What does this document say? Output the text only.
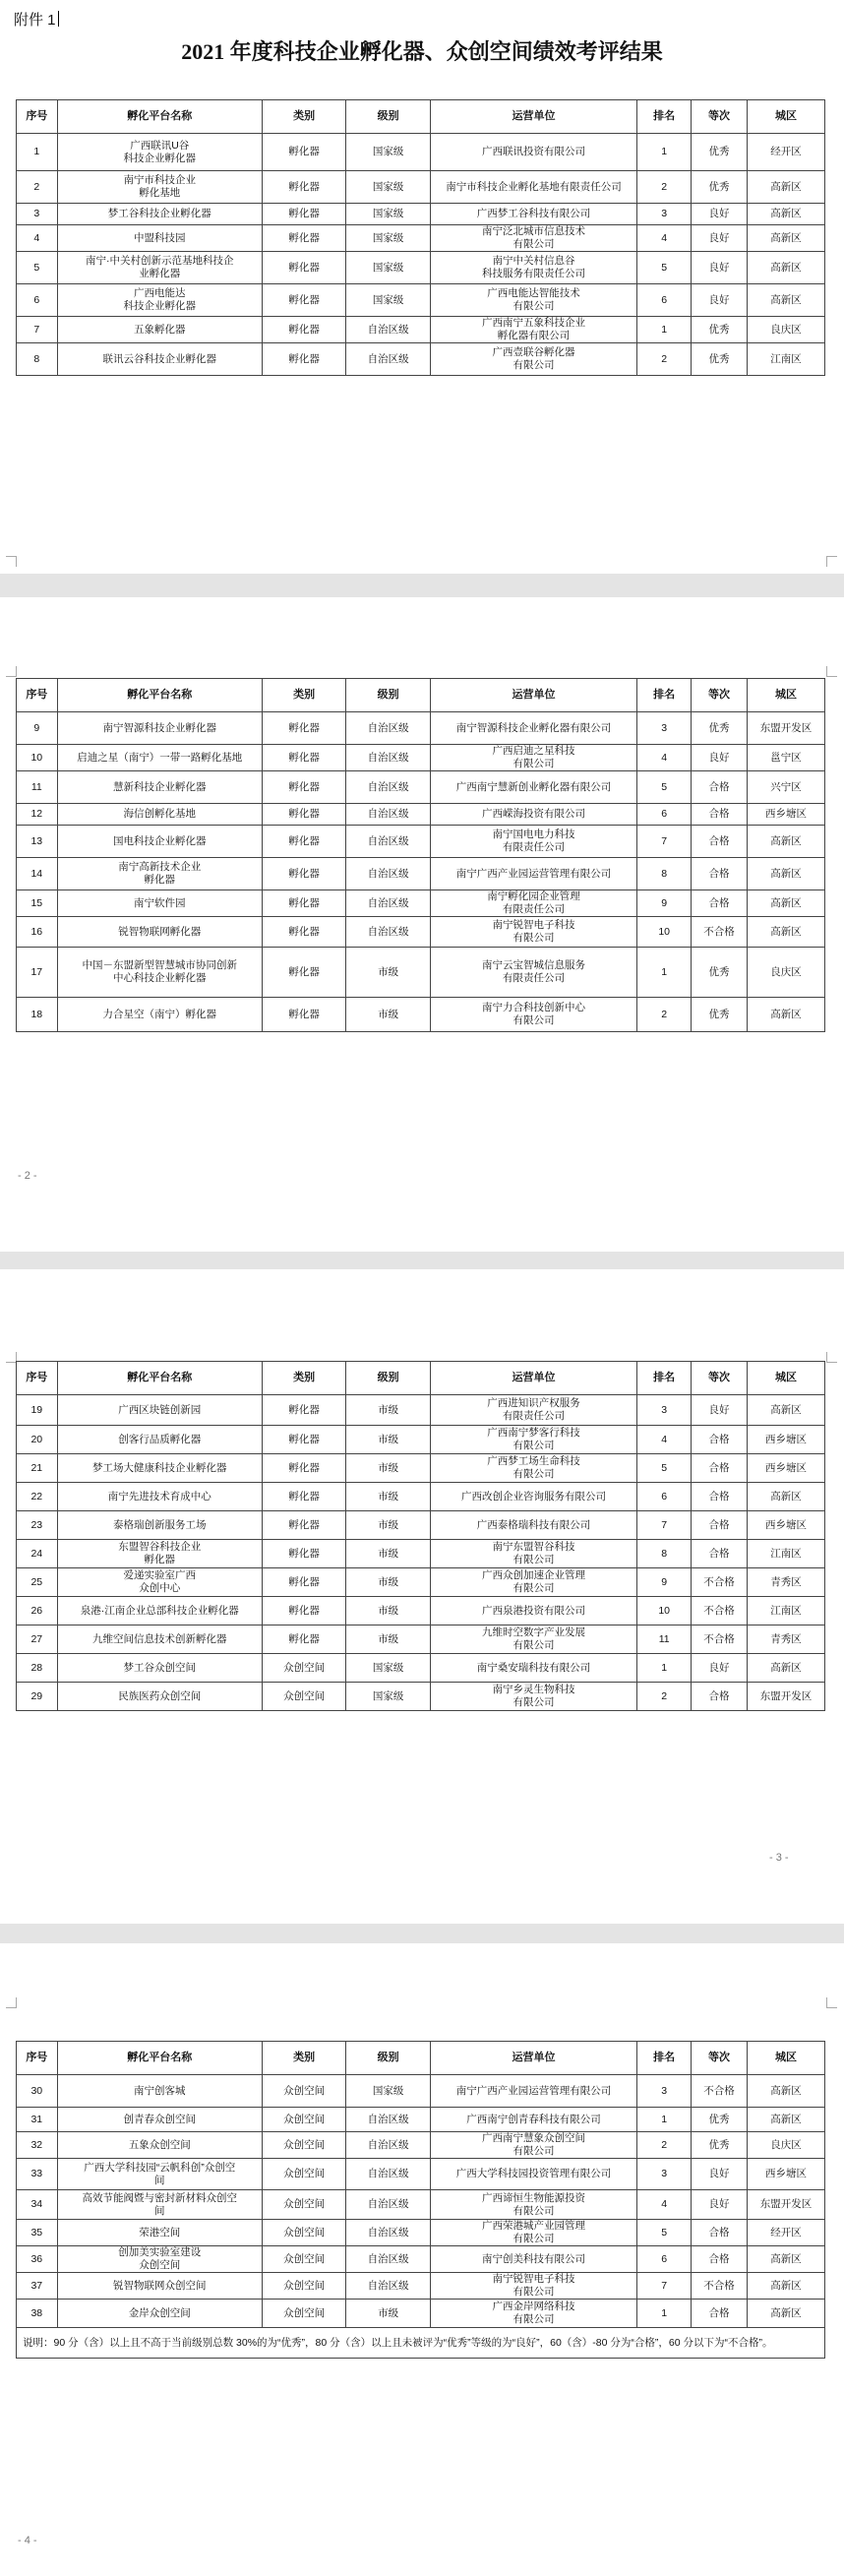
附件 1
2021 年度科技企业孵化器、众创空间绩效考评结果
序号	孵化平台名称	类别	级别	运营单位	排名	等次	城区
1	广西联讯U谷
科技企业孵化器	孵化器	国家级	广西联讯投资有限公司	1	优秀	经开区
2	南宁市科技企业
孵化基地	孵化器	国家级	南宁市科技企业孵化基地有限责任公司	2	优秀	高新区
3	梦工谷科技企业孵化器	孵化器	国家级	广西梦工谷科技有限公司	3	良好	高新区
4	中盟科技园	孵化器	国家级	南宁泛北城市信息技术
有限公司	4	良好	高新区
5	南宁·中关村创新示范基地科技企
业孵化器	孵化器	国家级	南宁中关村信息谷
科技服务有限责任公司	5	良好	高新区
6	广西电能达
科技企业孵化器	孵化器	国家级	广西电能达智能技术
有限公司	6	良好	高新区
7	五象孵化器	孵化器	自治区级	广西南宁五象科技企业
孵化器有限公司	1	优秀	良庆区
8	联讯云谷科技企业孵化器	孵化器	自治区级	广西壹联谷孵化器
有限公司	2	优秀	江南区
序号	孵化平台名称	类别	级别	运营单位	排名	等次	城区
9	南宁智源科技企业孵化器	孵化器	自治区级	南宁智源科技企业孵化器有限公司	3	优秀	东盟开发区
10	启迪之星（南宁）一带一路孵化基地	孵化器	自治区级	广西启迪之星科技
有限公司	4	良好	邕宁区
11	慧新科技企业孵化器	孵化器	自治区级	广西南宁慧新创业孵化器有限公司	5	合格	兴宁区
12	海信创孵化基地	孵化器	自治区级	广西嵘海投资有限公司	6	合格	西乡塘区
13	国电科技企业孵化器	孵化器	自治区级	南宁国电电力科技
有限责任公司	7	合格	高新区
14	南宁高新技术企业
孵化器	孵化器	自治区级	南宁广西产业园运营管理有限公司	8	合格	高新区
15	南宁软件园	孵化器	自治区级	南宁孵化园企业管理
有限责任公司	9	合格	高新区
16	锐智物联网孵化器	孵化器	自治区级	南宁锐智电子科技
有限公司	10	不合格	高新区
17	中国－东盟新型智慧城市协同创新
中心科技企业孵化器	孵化器	市级	南宁云宝智城信息服务
有限责任公司	1	优秀	良庆区
18	力合星空（南宁）孵化器	孵化器	市级	南宁力合科技创新中心
有限公司	2	优秀	高新区
- 2 -
序号	孵化平台名称	类别	级别	运营单位	排名	等次	城区
19	广西区块链创新园	孵化器	市级	广西进知识产权服务
有限责任公司	3	良好	高新区
20	创客行品质孵化器	孵化器	市级	广西南宁梦客行科技
有限公司	4	合格	西乡塘区
21	梦工场大健康科技企业孵化器	孵化器	市级	广西梦工场生命科技
有限公司	5	合格	西乡塘区
22	南宁先进技术育成中心	孵化器	市级	广西改创企业咨询服务有限公司	6	合格	高新区
23	泰格瑞创新服务工场	孵化器	市级	广西泰格瑞科技有限公司	7	合格	西乡塘区
24	东盟智谷科技企业
孵化器	孵化器	市级	南宁东盟智谷科技
有限公司	8	合格	江南区
25	爱递实验室广西
众创中心	孵化器	市级	广西众创加速企业管理
有限公司	9	不合格	青秀区
26	泉港·江南企业总部科技企业孵化器	孵化器	市级	广西泉港投资有限公司	10	不合格	江南区
27	九维空间信息技术创新孵化器	孵化器	市级	九维时空数字产业发展
有限公司	11	不合格	青秀区
28	梦工谷众创空间	众创空间	国家级	南宁桑安瑞科技有限公司	1	良好	高新区
29	民族医药众创空间	众创空间	国家级	南宁乡灵生物科技
有限公司	2	合格	东盟开发区
- 3 -
序号	孵化平台名称	类别	级别	运营单位	排名	等次	城区
30	南宁创客城	众创空间	国家级	南宁广西产业园运营管理有限公司	3	不合格	高新区
31	创青春众创空间	众创空间	自治区级	广西南宁创青春科技有限公司	1	优秀	高新区
32	五象众创空间	众创空间	自治区级	广西南宁慧象众创空间
有限公司	2	优秀	良庆区
33	广西大学科技园“云帆科创”众创空
间	众创空间	自治区级	广西大学科技园投资管理有限公司	3	良好	西乡塘区
34	高效节能阀暨与密封新材料众创空
间	众创空间	自治区级	广西谛恒生物能源投资
有限公司	4	良好	东盟开发区
35	荣港空间	众创空间	自治区级	广西荣港城产业园管理
有限公司	5	合格	经开区
36	创加美实验室建设
众创空间	众创空间	自治区级	南宁创美科技有限公司	6	合格	高新区
37	锐智物联网众创空间	众创空间	自治区级	南宁锐智电子科技
有限公司	7	不合格	高新区
38	金岸众创空间	众创空间	市级	广西金岸网络科技
有限公司	1	合格	高新区
说明：90 分（含）以上且不高于当前级别总数 30%的为“优秀”，80 分（含）以上且未被评为“优秀”等级的为“良好”，60（含）-80 分为“合格”，60 分以下为“不合格”。							
- 4 -
